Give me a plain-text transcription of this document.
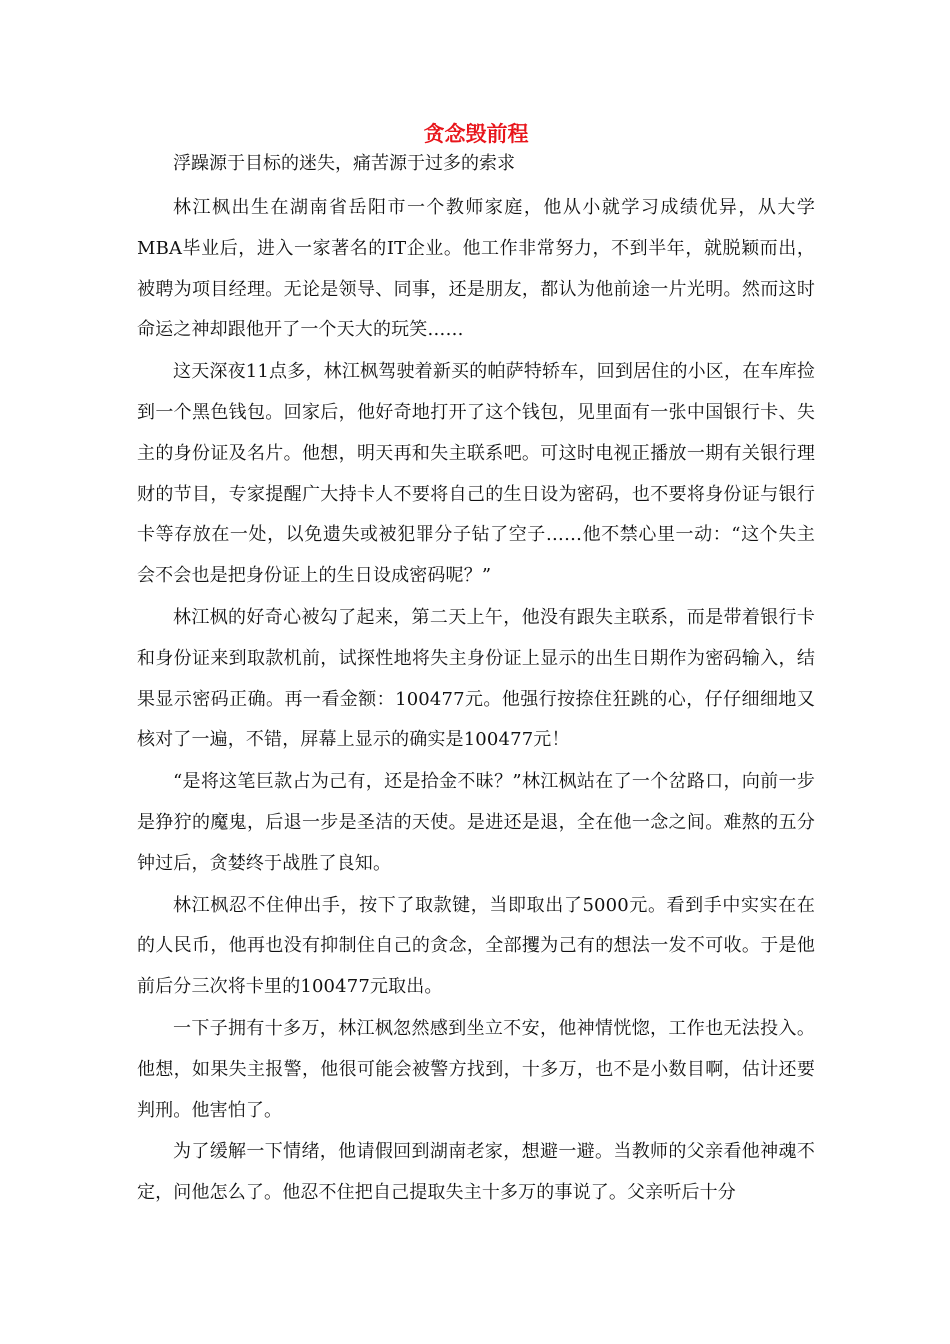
贪念毁前程

浮躁源于目标的迷失，痛苦源于过多的索求

林江枫出生在湖南省岳阳市一个教师家庭，他从小就学习成绩优异，从大学MBA毕业后，进入一家著名的IT企业。他工作非常努力，不到半年，就脱颖而出，被聘为项目经理。无论是领导、同事，还是朋友，都认为他前途一片光明。然而这时命运之神却跟他开了一个天大的玩笑……

这天深夜11点多，林江枫驾驶着新买的帕萨特轿车，回到居住的小区，在车库捡到一个黑色钱包。回家后，他好奇地打开了这个钱包，见里面有一张中国银行卡、失主的身份证及名片。他想，明天再和失主联系吧。可这时电视正播放一期有关银行理财的节目，专家提醒广大持卡人不要将自己的生日设为密码，也不要将身份证与银行卡等存放在一处，以免遗失或被犯罪分子钻了空子……他不禁心里一动：“这个失主会不会也是把身份证上的生日设成密码呢？”

林江枫的好奇心被勾了起来，第二天上午，他没有跟失主联系，而是带着银行卡和身份证来到取款机前，试探性地将失主身份证上显示的出生日期作为密码输入，结果显示密码正确。再一看金额：100477元。他强行按捺住狂跳的心，仔仔细细地又核对了一遍，不错，屏幕上显示的确实是100477元！

“是将这笔巨款占为己有，还是拾金不昧？”林江枫站在了一个岔路口，向前一步是狰狞的魔鬼，后退一步是圣洁的天使。是进还是退，全在他一念之间。难熬的五分钟过后，贪婪终于战胜了良知。

林江枫忍不住伸出手，按下了取款键，当即取出了5000元。看到手中实实在在的人民币，他再也没有抑制住自己的贪念，全部攫为己有的想法一发不可收。于是他前后分三次将卡里的100477元取出。

一下子拥有十多万，林江枫忽然感到坐立不安，他神情恍惚，工作也无法投入。他想，如果失主报警，他很可能会被警方找到，十多万，也不是小数目啊，估计还要判刑。他害怕了。

为了缓解一下情绪，他请假回到湖南老家，想避一避。当教师的父亲看他神魂不定，问他怎么了。他忍不住把自己提取失主十多万的事说了。父亲听后十分
